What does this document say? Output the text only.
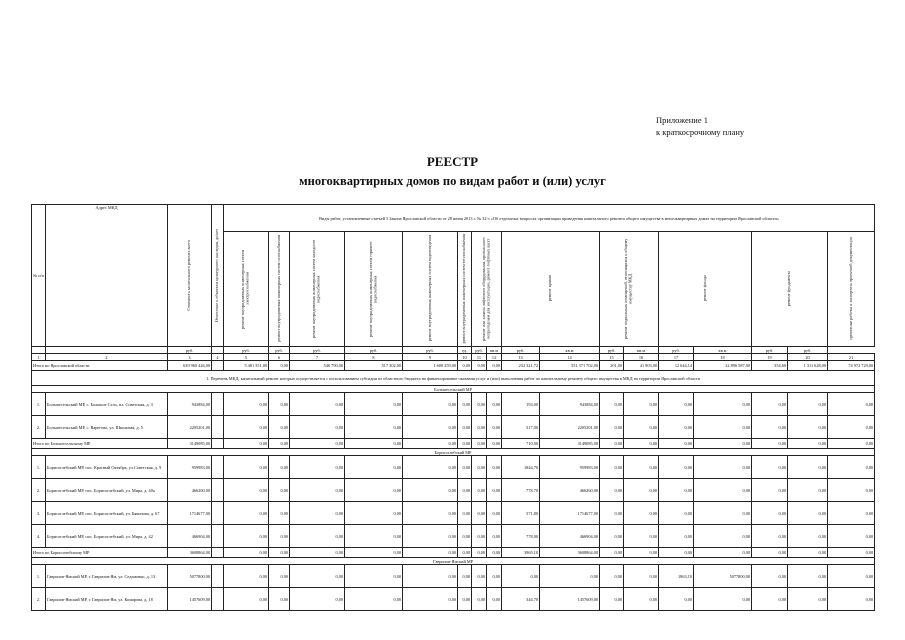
Приложение 1
к краткосрочному плану
РЕЕСТР
многоквартирных домов по видам работ и (или) услуг
№ п/п	Адрес МКД	Стоимость капитального ремонта всего	Отнесение к объектам культурного наследия, да/нет	Виды работ, установленные статьей 5 Закона Ярославской области от 28 июня 2013 г. № 32-з «Об отдельных вопросах организации проведения капитального ремонта общего имущества в многоквартирных домах на территории Ярославской области»																
				ремонт внутридомовых инженерных систем электроснабжения	ремонт внутридомовых инженерных систем газоснабжения	ремонт внутридомовых инженерных систем холодного водоснабжения	ремонт внутридомовых инженерных систем горячего водоснабжения	ремонт внутридомовых инженерных систем водоотведения	ремонт внутридомовых инженерных систем теплоснабжения	ремонт или замена лифтового оборудования, признанного непригодным для эксплуатации, ремонт лифтовых шахт		ремонт крыши		ремонт подвальных помещений, относящихся к общему имуществу МКД		ремонт фасада		ремонт фундамента		проектные работы и экспертиза проектной документации
		руб.		руб.	руб.	руб.	руб.	руб.	ед.	руб.	кв.м	руб.	кв.м	руб.	кв.м	руб.	кв.м	руб.	руб.	
1	2	3	4	5	6	7	8	9	10	11	12	13	14	15	16	17	18	19	20	21
Итого по Ярославской области		639 960 426,00		5 481 351,00	0,00	546 790,00	517 302,00	1 600 259,00	0,00	0,00	0,00	232 321,72	551 371 702,00	201,00	41 903,00	12 644,14	22 896 587,00	354,60	1 311 628,00	74 972 729,00
1. Перечень МКД, капитальный ремонт которых осуществляется с использованием субсидии из областного бюджета на финансирование оказания услуг и (или) выполнения работ по капитальному ремонту общего имущества в МКД на территории Ярославской области																				
Большесельский МР																				
1.	Большесельский МР, с. Большое Село, пл. Советская, д. 3	943884,00		0,00	0,00	0,00	0,00	0,00	0,00	0,00	0,00	193,00	943884,00	0,00	0,00	0,00	0,00	0,00	0,00	0,00
2.	Большесельский МР, с. Варегово, ул. Школьная, д. 5	2205201,00		0,00	0,00	0,00	0,00	0,00	0,00	0,00	0,00	517,00	2205201,00	0,00	0,00	0,00	0,00	0,00	0,00	0,00
Итого по Большесельскому МР		3149085,00		0,00	0,00	0,00	0,00	0,00	0,00	0,00	0,00	710,00	3149085,00	0,00	0,00	0,00	0,00	0,00	0,00	0,00
Борисоглебский МР																				
1.	Борисоглебский МР, пос. Красный Октябрь, ул.Советская, д. 9	959983,00		0,00	0,00	0,00	0,00	0,00	0,00	0,00	0,00	1844,70	959983,00	0,00	0,00	0,00	0,00	0,00	0,00	0,00
2.	Борисоглебский МР, пос. Борисоглебский, ул. Мира, д. 40а	466260,00		0,00	0,00	0,00	0,00	0,00	0,00	0,00	0,00	778,70	466260,00	0,00	0,00	0,00	0,00	0,00	0,00	0,00
3.	Борисоглебский МР, пос. Борисоглебский, ул. Бяконова, д. 67	1714677,00		0,00	0,00	0,00	0,00	0,00	0,00	0,00	0,00	571,80	1714677,00	0,00	0,00	0,00	0,00	0,00	0,00	0,00
4.	Борисоглебский МР, пос. Борисоглебский, ул. Мира, д. 42	466904,00		0,00	0,00	0,00	0,00	0,00	0,00	0,00	0,00	778,00	466904,00	0,00	0,00	0,00	0,00	0,00	0,00	0,00
Итого по Борисоглебскому МР		3608864,00		0,00	0,00	0,00	0,00	0,00	0,00	0,00	0,00	3965,10	3608864,00	0,00	0,00	0,00	0,00	0,00	0,00	0,00
Гаврилов-Ямский МР																				
1.	Гаврилов-Ямский МР, г. Гаврилов-Ям, ул. Седьмовко, д. 13	5077800,00		0,00	0,00	0,00	0,00	0,00	0,00	0,00	0,00	0,00	0,00	0,00	0,00	1863,10	5077800,00	0,00	0,00	0,00
2.	Гаврилов-Ямский МР, г. Гаврилов-Ям, ул. Комарова, д. 18	1457609,00		0,00	0,00	0,00	0,00	0,00	0,00	0,00	0,00	344,70	1457609,00	0,00	0,00	0,00	0,00	0,00	0,00	0,00
